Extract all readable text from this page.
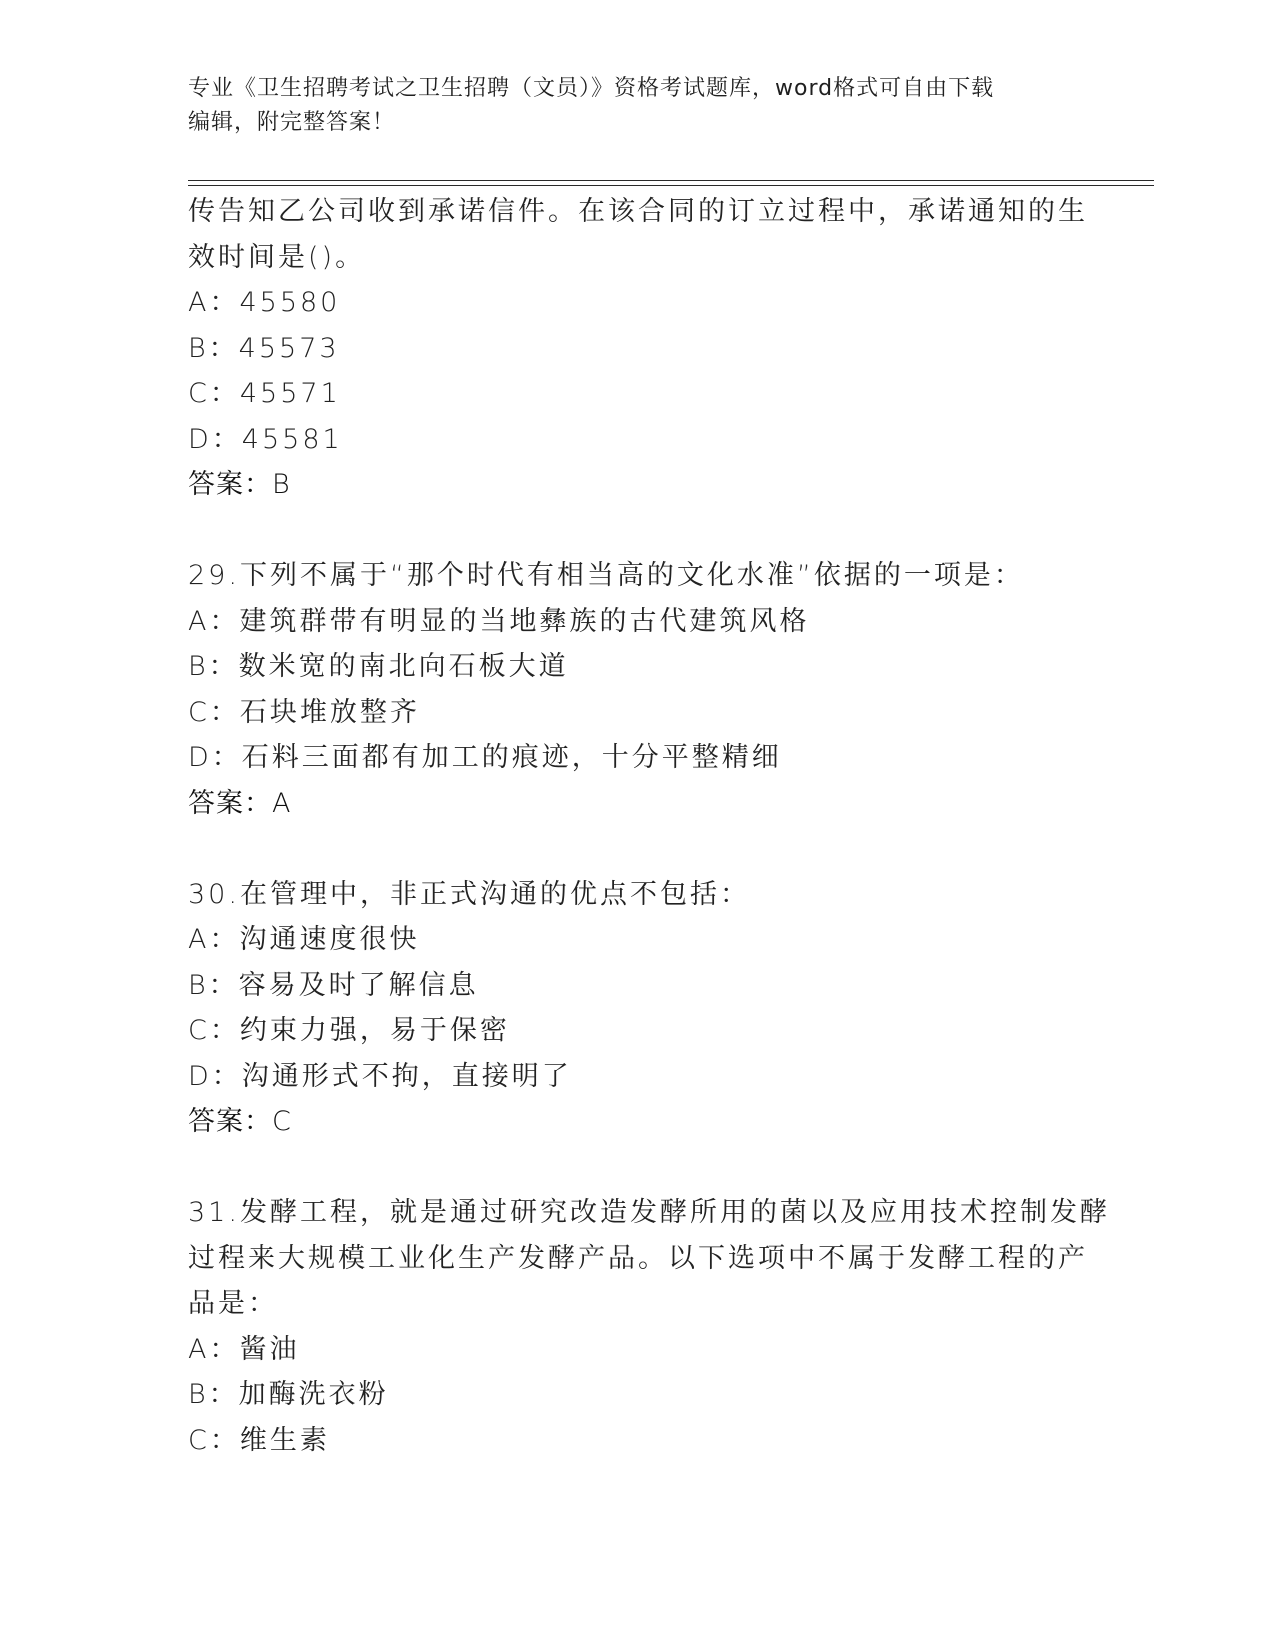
专业《卫生招聘考试之卫生招聘（文员）》资格考试题库，word格式可自由下载
编辑，附完整答案！
传告知乙公司收到承诺信件。在该合同的订立过程中，承诺通知的生
效时间是()。
A：45580
B：45573
C：45571
D：45581
答案：B
29.下列不属于“那个时代有相当高的文化水准”依据的一项是：
A：建筑群带有明显的当地彝族的古代建筑风格
B：数米宽的南北向石板大道
C：石块堆放整齐
D：石料三面都有加工的痕迹，十分平整精细
答案：A
30.在管理中，非正式沟通的优点不包括：
A：沟通速度很快
B：容易及时了解信息
C：约束力强，易于保密
D：沟通形式不拘，直接明了
答案：C
31.发酵工程，就是通过研究改造发酵所用的菌以及应用技术控制发酵
过程来大规模工业化生产发酵产品。以下选项中不属于发酵工程的产
品是：
A：酱油
B：加酶洗衣粉
C：维生素
